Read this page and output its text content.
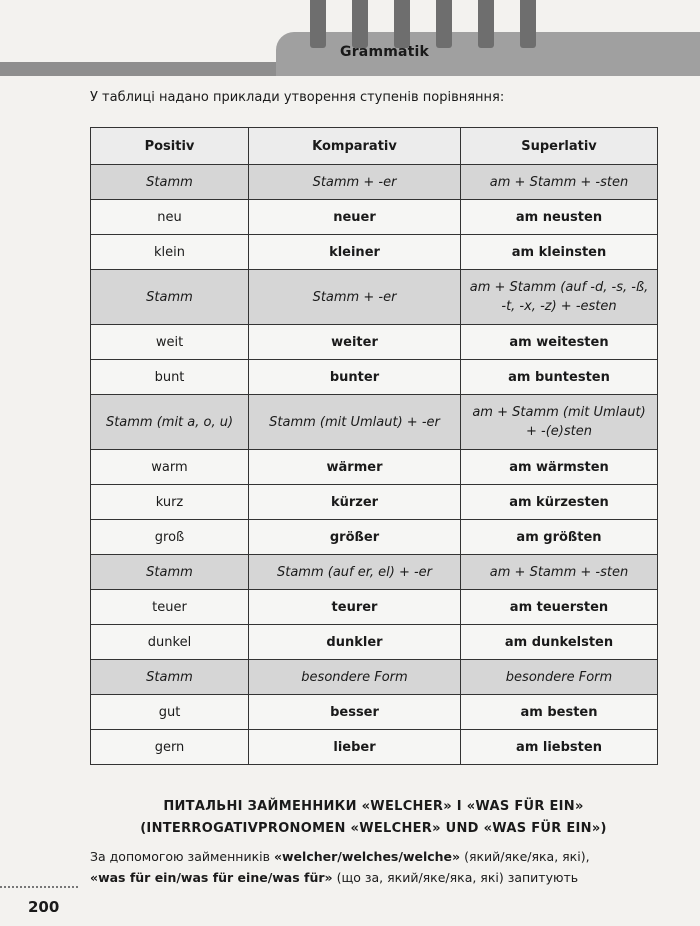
Grammatik
У таблиці надано приклади утворення ступенів порівняння:
Positiv	Komparativ	Superlativ
Stamm	Stamm + -er	am + Stamm + -sten
neu	neuer	am neusten
klein	kleiner	am kleinsten
Stamm	Stamm + -er	am + Stamm (auf -d, -s, -ß, -t, -x, -z) + -esten
weit	weiter	am weitesten
bunt	bunter	am buntesten
Stamm (mit a, o, u)	Stamm (mit Umlaut) + -er	am + Stamm (mit Umlaut) + -(e)sten
warm	wärmer	am wärmsten
kurz	kürzer	am kürzesten
groß	größer	am größten
Stamm	Stamm (auf er, el) + -er	am + Stamm + -sten
teuer	teurer	am teuersten
dunkel	dunkler	am dunkelsten
Stamm	besondere Form	besondere Form
gut	besser	am besten
gern	lieber	am liebsten
ПИТАЛЬНІ ЗАЙМЕННИКИ «WELCHER» І «WAS FÜR EIN»
(INTERROGATIVPRONOMEN «WELCHER» UND «WAS FÜR EIN»)
За допомогою займенників «welcher/welches/welche» (який/яке/яка, які),
«was für ein/was für eine/was für» (що за, який/яке/яка, які) запитують
200
